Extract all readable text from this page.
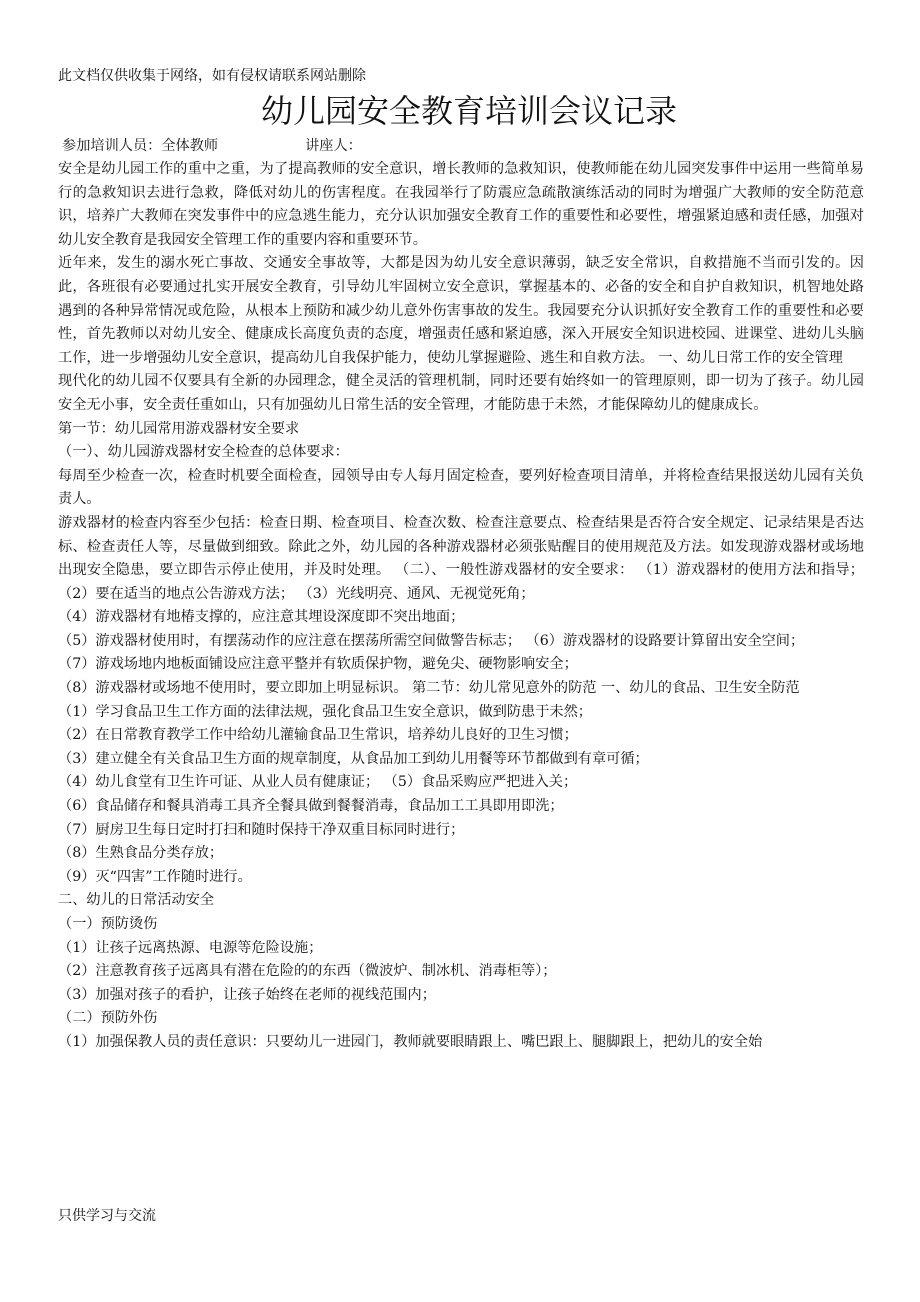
此文档仅供收集于网络，如有侵权请联系网站删除
幼儿园安全教育培训会议记录
参加培训人员：全体教师	讲座人：

安全是幼儿园工作的重中之重，为了提高教师的安全意识，增长教师的急救知识，使教师能在幼儿园突发事件中运用一些简单易行的急救知识去进行急救，降低对幼儿的伤害程度。在我园举行了防震应急疏散演练活动的同时为增强广大教师的安全防范意识，培养广大教师在突发事件中的应急逃生能力，充分认识加强安全教育工作的重要性和必要性，增强紧迫感和责任感，加强对幼儿安全教育是我园安全管理工作的重要内容和重要环节。

近年来，发生的溺水死亡事故、交通安全事故等，大都是因为幼儿安全意识薄弱，缺乏安全常识，自救措施不当而引发的。因此，各班很有必要通过扎实开展安全教育，引导幼儿牢固树立安全意识，掌握基本的、必备的安全和自护自救知识，机智地处路遇到的各种异常情况或危险，从根本上预防和减少幼儿意外伤害事故的发生。我园要充分认识抓好安全教育工作的重要性和必要性，首先教师以对幼儿安全、健康成长高度负责的态度，增强责任感和紧迫感，深入开展安全知识进校园、进课堂、进幼儿头脑工作，进一步增强幼儿安全意识，提高幼儿自我保护能力，使幼儿掌握避险、逃生和自救方法。 一、幼儿日常工作的安全管理

现代化的幼儿园不仅要具有全新的办园理念，健全灵活的管理机制，同时还要有始终如一的管理原则，即一切为了孩子。幼儿园安全无小事，安全责任重如山，只有加强幼儿日常生活的安全管理，才能防患于未然，才能保障幼儿的健康成长。

第一节：幼儿园常用游戏器材安全要求

（一）、幼儿园游戏器材安全检查的总体要求：

每周至少检查一次，检查时机要全面检查，园领导由专人每月固定检查，要列好检查项目清单，并将检查结果报送幼儿园有关负责人。

游戏器材的检查内容至少包括：检查日期、检查项目、检查次数、检查注意要点、检查结果是否符合安全规定、记录结果是否达标、检查责任人等，尽量做到细致。除此之外，幼儿园的各种游戏器材必须张贴醒目的使用规范及方法。如发现游戏器材或场地出现安全隐患，要立即告示停止使用，并及时处理。 （二）、一般性游戏器材的安全要求： （1）游戏器材的使用方法和指导； （2）要在适当的地点公告游戏方法； （3）光线明亮、通风、无视觉死角；

（4）游戏器材有地椿支撑的，应注意其埋设深度即不突出地面；

（5）游戏器材使用时，有摆荡动作的应注意在摆荡所需空间做警告标志； （6）游戏器材的设路要计算留出安全空间；

（7）游戏场地内地板面铺设应注意平整并有软质保护物，避免尖、硬物影响安全；

（8）游戏器材或场地不使用时，要立即加上明显标识。 第二节：幼儿常见意外的防范 一、幼儿的食品、卫生安全防范

（1）学习食品卫生工作方面的法律法规，强化食品卫生安全意识，做到防患于未然；

（2）在日常教育教学工作中给幼儿灌输食品卫生常识，培养幼儿良好的卫生习惯；

（3）建立健全有关食品卫生方面的规章制度，从食品加工到幼儿用餐等环节都做到有章可循；

（4）幼儿食堂有卫生许可证、从业人员有健康证； （5）食品采购应严把进入关；

（6）食品储存和餐具消毒工具齐全餐具做到餐餐消毒，食品加工工具即用即洗；

（7）厨房卫生每日定时打扫和随时保持干净双重目标同时进行；

（8）生熟食品分类存放；

（9）灭“四害”工作随时进行。

二、幼儿的日常活动安全

（一）预防烫伤

（1）让孩子远离热源、电源等危险设施；

（2）注意教育孩子远离具有潜在危险的的东西（微波炉、制冰机、消毒柜等）；

（3）加强对孩子的看护，让孩子始终在老师的视线范围内；

（二）预防外伤

（1）加强保教人员的责任意识：只要幼儿一进园门，教师就要眼睛跟上、嘴巴跟上、腿脚跟上，把幼儿的安全始

只供学习与交流
